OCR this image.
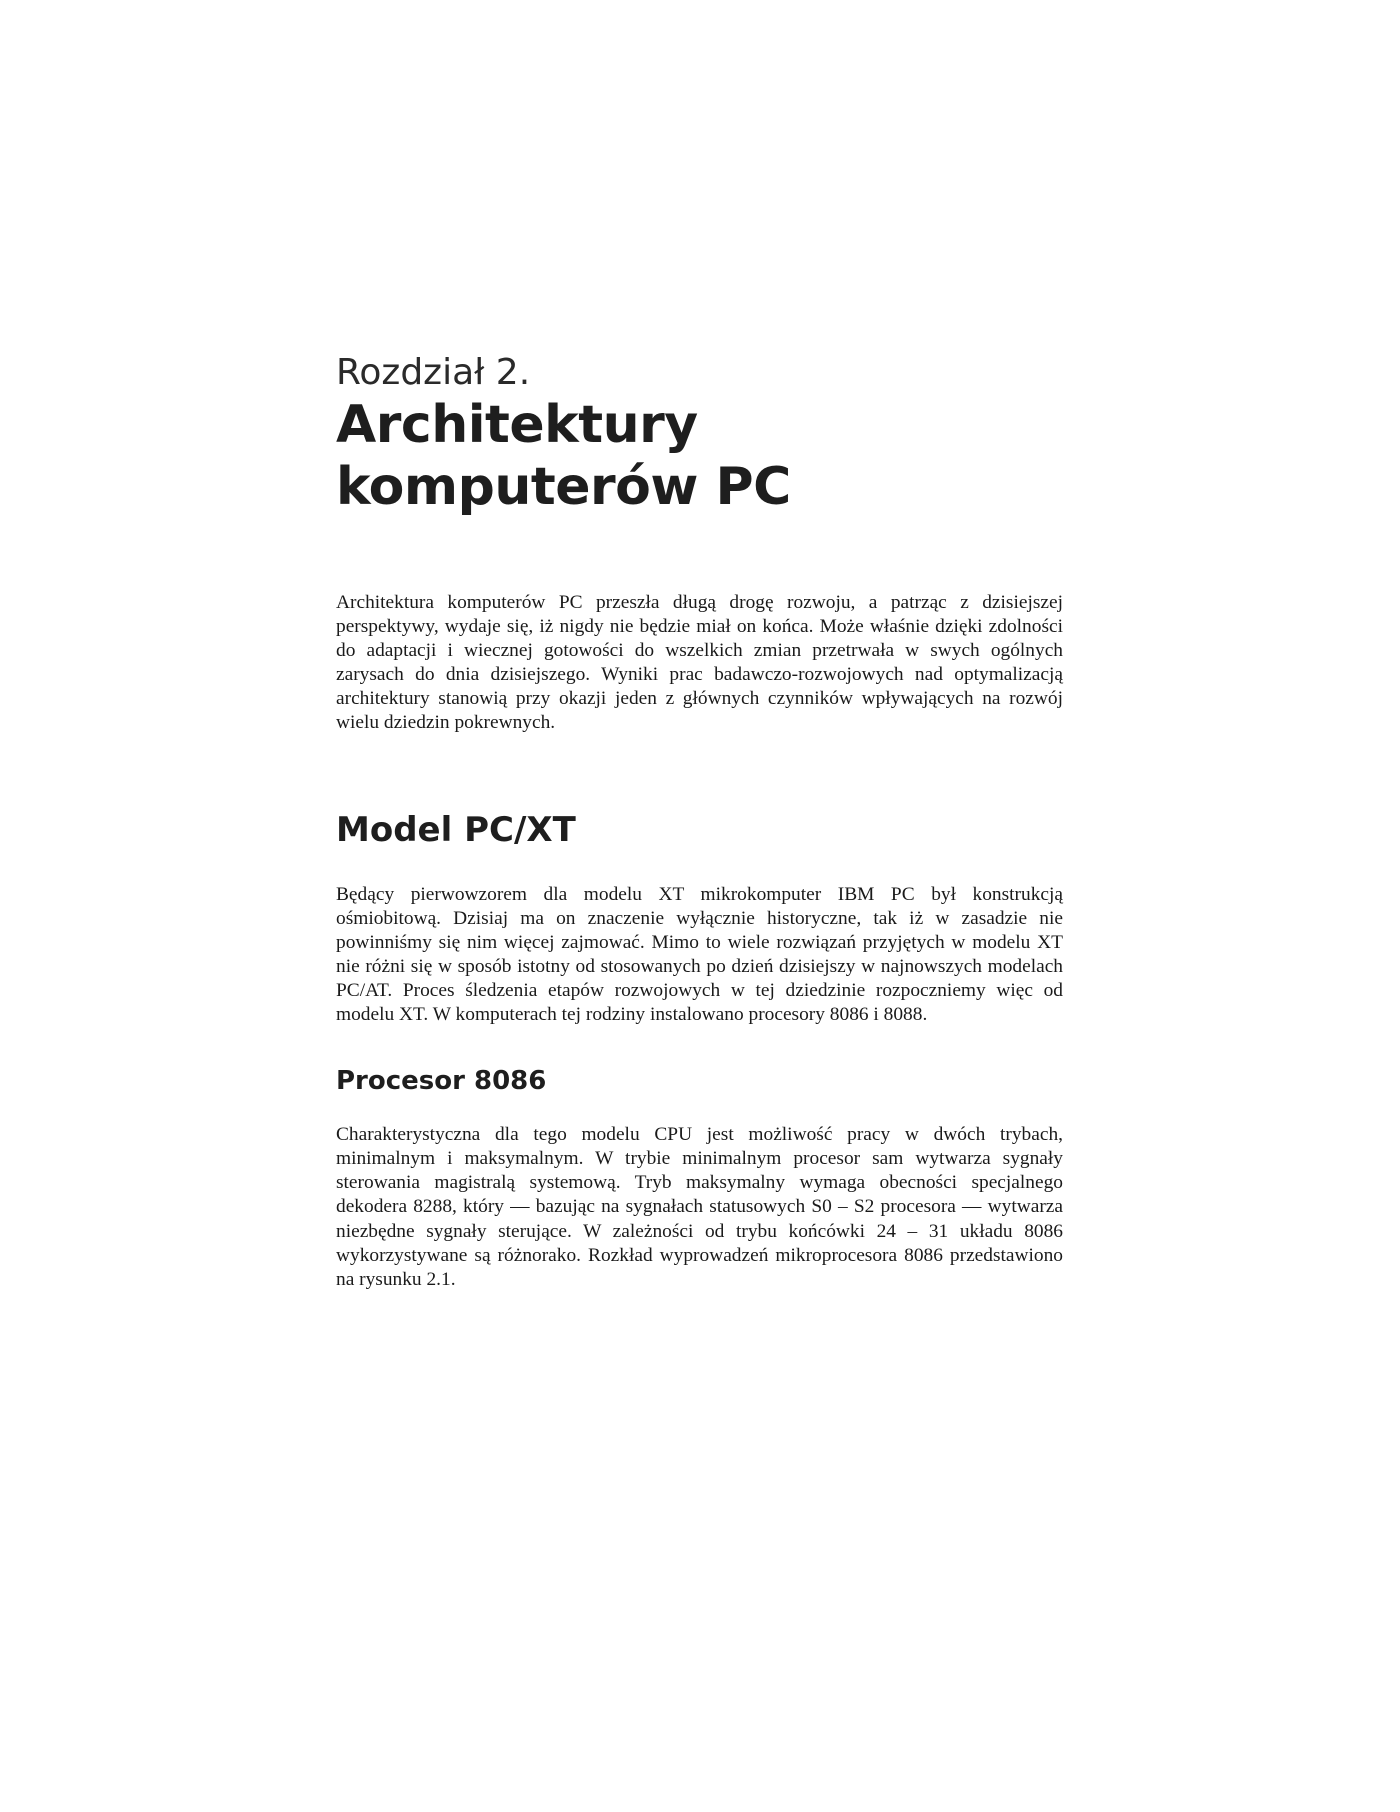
Rozdział 2.
Architektury
komputerów PC

Architektura komputerów PC przeszła długą drogę rozwoju, a patrząc z dzisiejszej perspektywy, wydaje się, iż nigdy nie będzie miał on końca. Może właśnie dzięki zdolności do adaptacji i wiecznej gotowości do wszelkich zmian przetrwała w swych ogólnych zarysach do dnia dzisiejszego. Wyniki prac badawczo-rozwojowych nad optymalizacją architektury stanowią przy okazji jeden z głównych czynników wpływających na rozwój wielu dziedzin pokrewnych.

Model PC/XT

Będący pierwowzorem dla modelu XT mikrokomputer IBM PC był konstrukcją ośmiobitową. Dzisiaj ma on znaczenie wyłącznie historyczne, tak iż w zasadzie nie powinniśmy się nim więcej zajmować. Mimo to wiele rozwiązań przyjętych w modelu XT nie różni się w sposób istotny od stosowanych po dzień dzisiejszy w najnowszych modelach PC/AT. Proces śledzenia etapów rozwojowych w tej dziedzinie rozpoczniemy więc od modelu XT. W komputerach tej rodziny instalowano procesory 8086 i 8088.

Procesor 8086

Charakterystyczna dla tego modelu CPU jest możliwość pracy w dwóch trybach, minimalnym i maksymalnym. W trybie minimalnym procesor sam wytwarza sygnały sterowania magistralą systemową. Tryb maksymalny wymaga obecności specjalnego dekodera 8288, który — bazując na sygnałach statusowych S0 – S2 procesora — wytwarza niezbędne sygnały sterujące. W zależności od trybu końcówki 24 – 31 układu 8086 wykorzystywane są różnorako. Rozkład wyprowadzeń mikroprocesora 8086 przedstawiono na rysunku 2.1.
